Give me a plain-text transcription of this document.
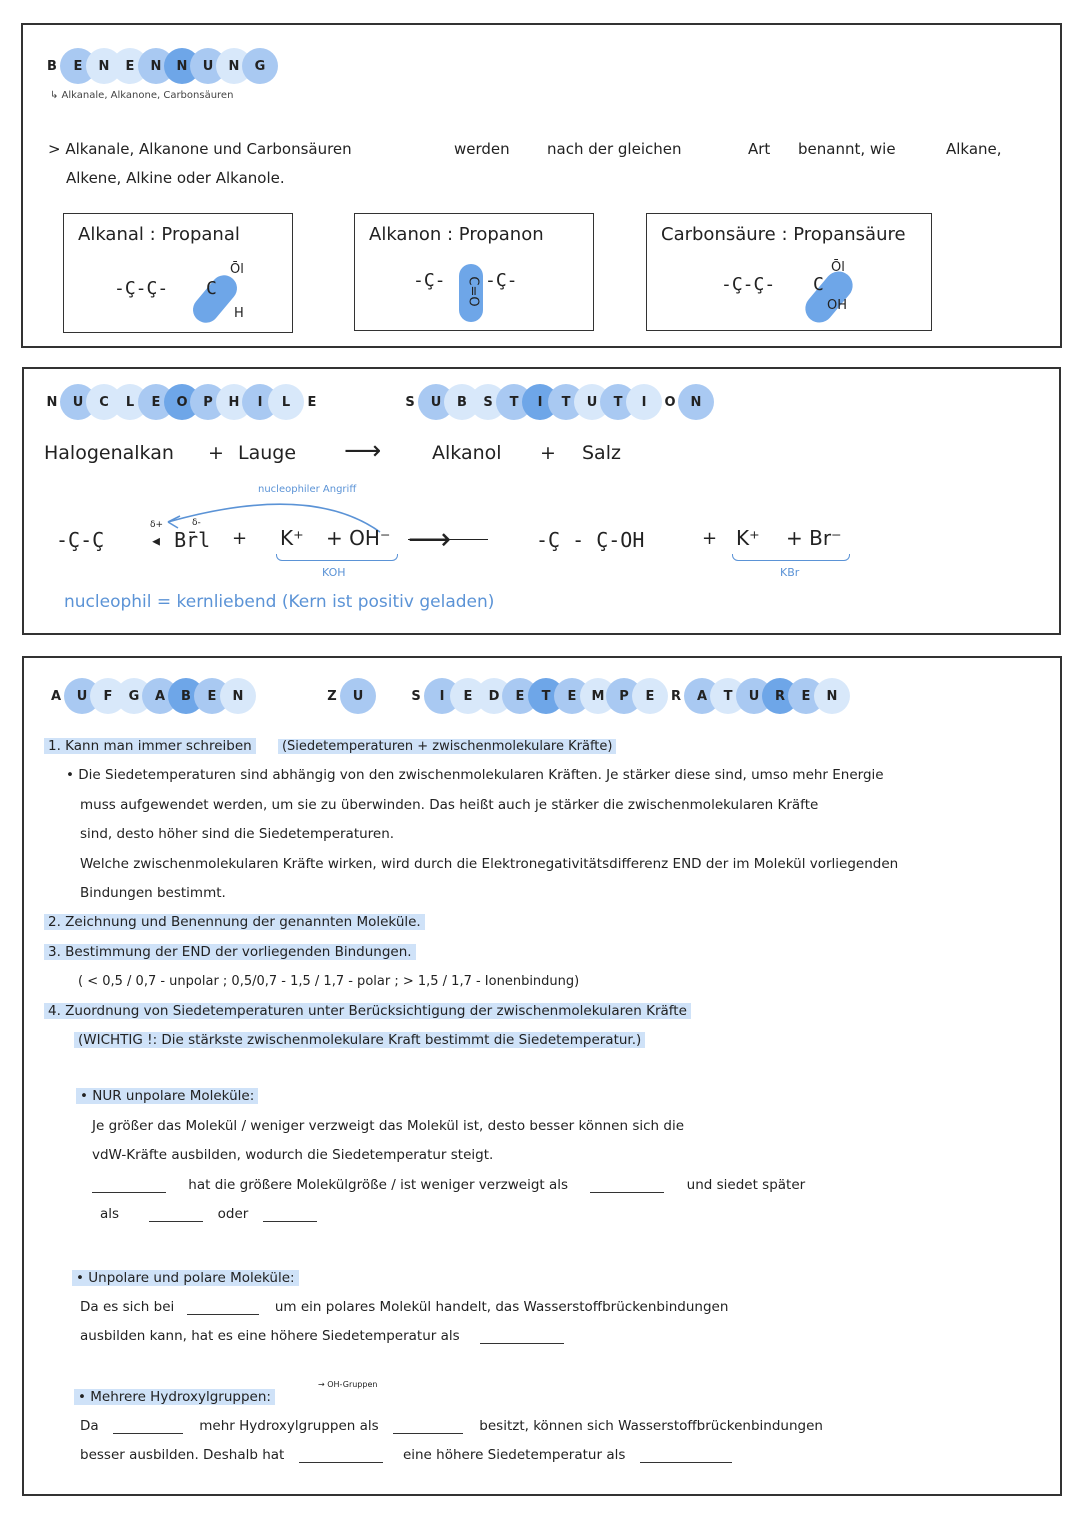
B	E	N	E	N	N	U	N	G
↳ Alkanale, Alkanone, Carbonsäuren
> Alkanale, Alkanone und Carbonsäuren	werden nach der gleichen	Art benannt, wie	Alkane,
Alkene, Alkine oder Alkanole.
Alkanal : Propanal
-Ç-Ç- C
Ōl
H
Alkanon : Propanon
-Ç- C=O -Ç-
Carbonsäure : Propansäure
-Ç-Ç- C
Ōl
OH
N	U	C	L	E	O	P	H	I	L	E	S	U	B	S	T	I	T	U	T	I	O	N
Halogenalkan + Lauge ⟶	Alkanol + Salz
nucleophiler Angriff
-Ç-Ç
δ+
◂ Br̄l
δ-
+ K⁺ + OH⁻
KOH
⟶	-Ç - Ç-OH	+ K⁺ + Br⁻
KBr
nucleophil = kernliebend (Kern ist positiv geladen)
A	U	F	G	A	B	E	N	Z	U	S	I	E	D	E	T	E	M	P	E	R	A	T	U	R	E	N
1. Kann man immer schreiben (Siedetemperaturen + zwischenmolekulare Kräfte)
• Die Siedetemperaturen sind abhängig von den zwischenmolekularen Kräften. Je stärker diese sind, umso mehr Energie
muss aufgewendet werden, um sie zu überwinden. Das heißt auch je stärker die zwischenmolekularen Kräfte
sind, desto höher sind die Siedetemperaturen.
Welche zwischenmolekularen Kräfte wirken, wird durch die Elektronegativitätsdifferenz END der im Molekül vorliegenden
Bindungen bestimmt.
2. Zeichnung und Benennung der genannten Moleküle.
3. Bestimmung der END der vorliegenden Bindungen.
( < 0,5 / 0,7 - unpolar ; 0,5/0,7 - 1,5 / 1,7 - polar ; > 1,5 / 1,7 - Ionenbindung)
4. Zuordnung von Siedetemperaturen unter Berücksichtigung der zwischenmolekularen Kräfte
(WICHTIG !: Die stärkste zwischenmolekulare Kraft bestimmt die Siedetemperatur.)
• NUR unpolare Moleküle:
Je größer das Molekül / weniger verzweigt das Molekül ist, desto besser können sich die
vdW-Kräfte ausbilden, wodurch die Siedetemperatur steigt.
hat die größere Molekülgröße / ist weniger verzweigt als	und siedet später
als	oder
• Unpolare und polare Moleküle:
Da es sich bei	um ein polares Molekül handelt, das Wasserstoffbrückenbindungen
ausbilden kann, hat es eine höhere Siedetemperatur als
→ OH-Gruppen
• Mehrere Hydroxylgruppen:
Da	mehr Hydroxylgruppen als	besitzt, können sich Wasserstoffbrückenbindungen
besser ausbilden. Deshalb hat	eine höhere Siedetemperatur als
